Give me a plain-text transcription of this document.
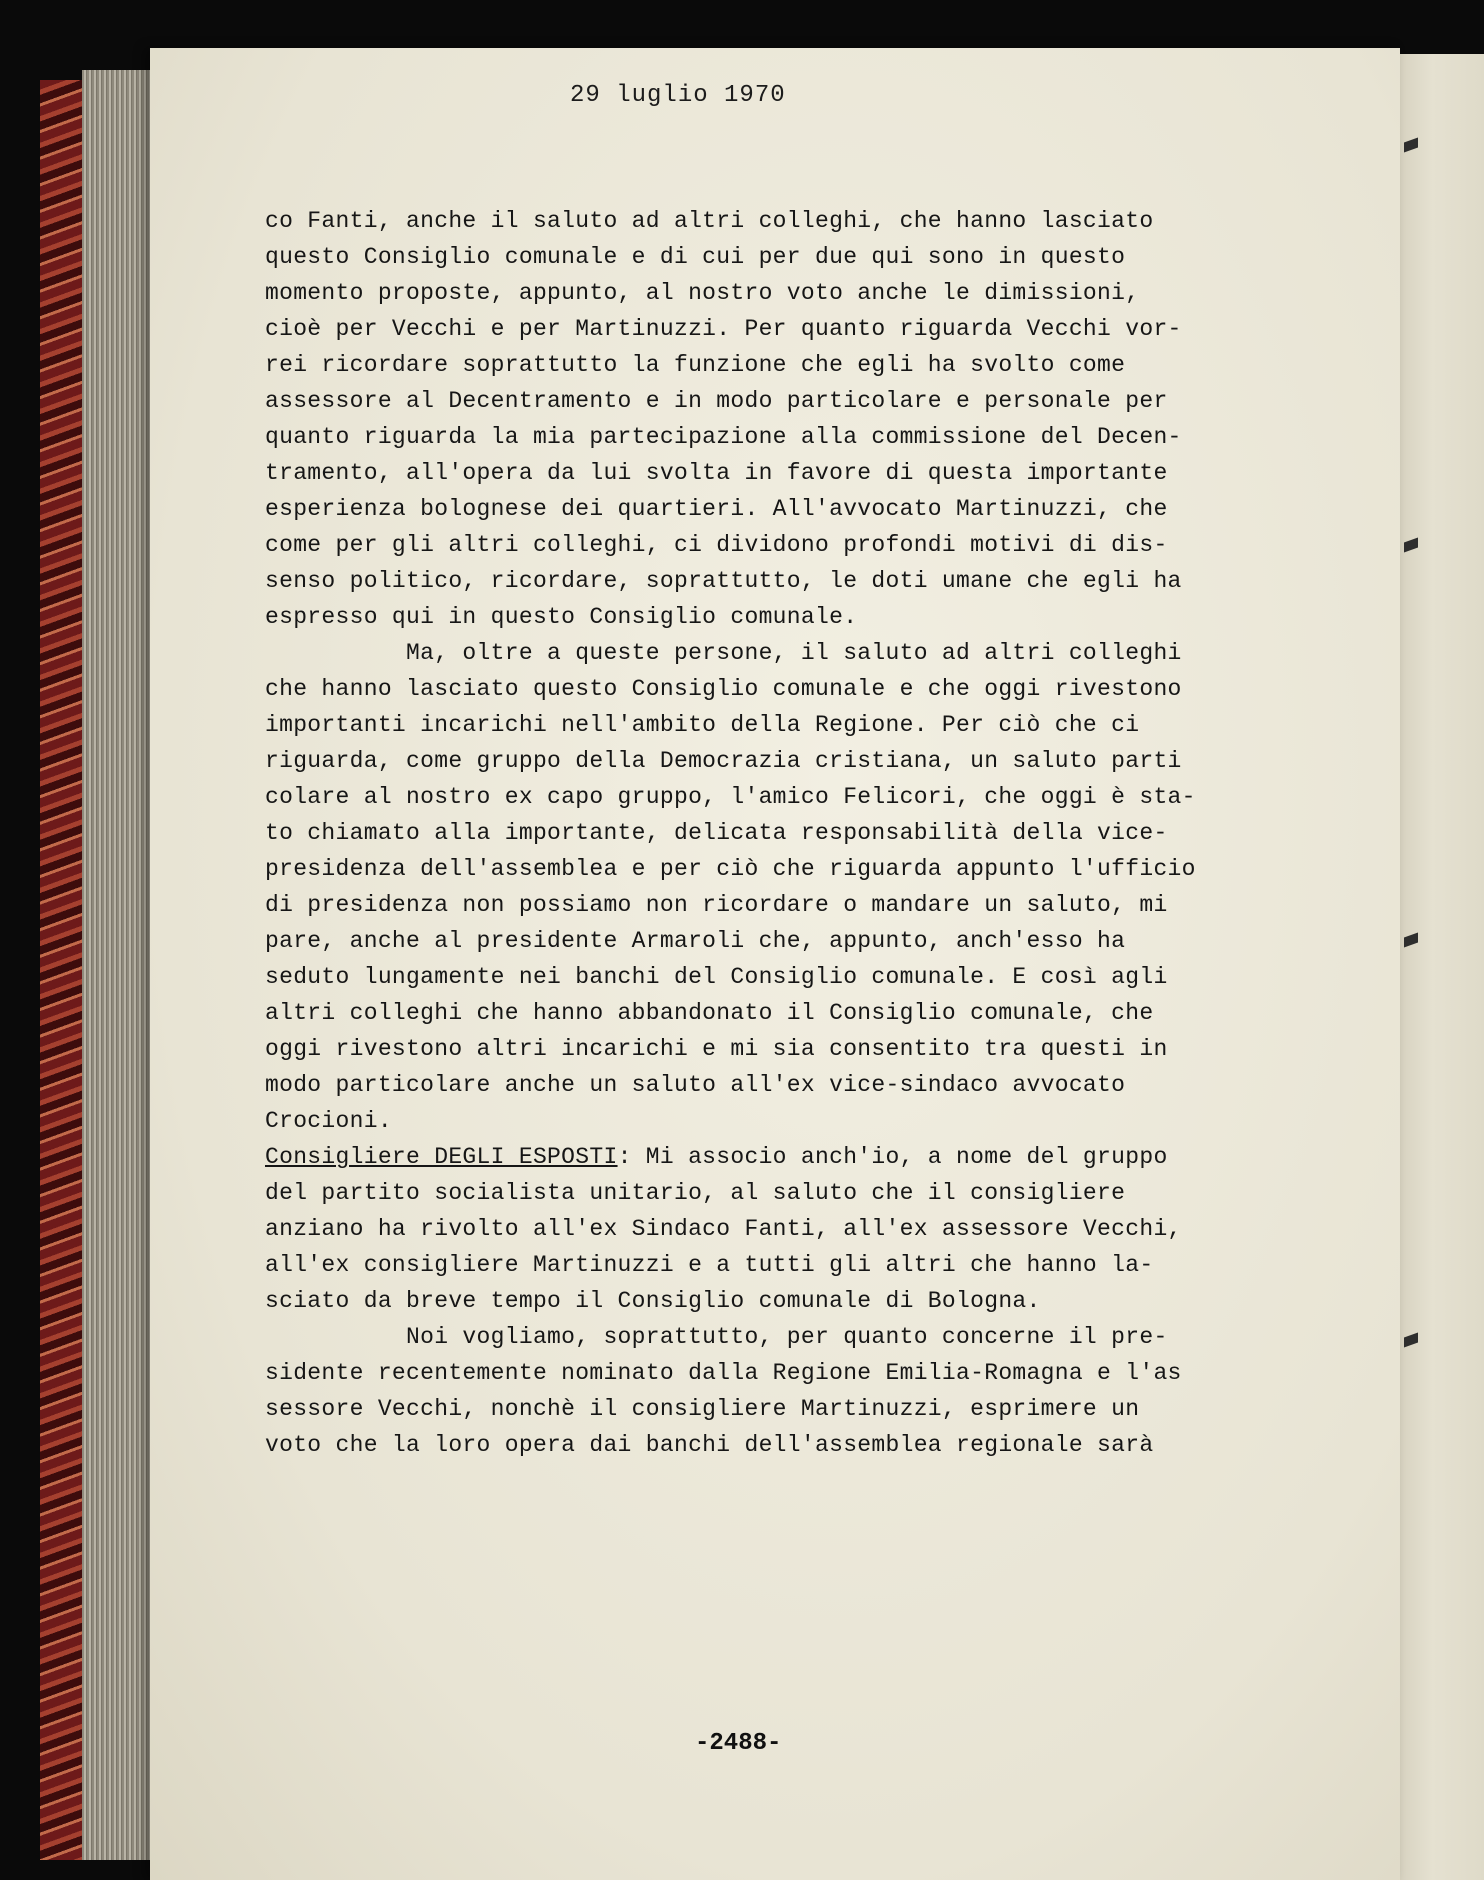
29 luglio 1970
co Fanti, anche il saluto ad altri colleghi, che hanno lasciato
questo Consiglio comunale e di cui per due qui sono in questo
momento proposte, appunto, al nostro voto anche le dimissioni,
cioè per Vecchi e per Martinuzzi. Per quanto riguarda Vecchi vor-
rei ricordare soprattutto la funzione che egli ha svolto come
assessore al Decentramento e in modo particolare e personale per
quanto riguarda la mia partecipazione alla commissione del Decen-
tramento, all'opera da lui svolta in favore di questa importante
esperienza bolognese dei quartieri. All'avvocato Martinuzzi, che
come per gli altri colleghi, ci dividono profondi motivi di dis-
senso politico, ricordare, soprattutto, le doti umane che egli ha
espresso qui in questo Consiglio comunale.
Ma, oltre a queste persone, il saluto ad altri colleghi
che hanno lasciato questo Consiglio comunale e che oggi rivestono
importanti incarichi nell'ambito della Regione. Per ciò che ci
riguarda, come gruppo della Democrazia cristiana, un saluto parti
colare al nostro ex capo gruppo, l'amico Felicori, che oggi è sta-
to chiamato alla importante, delicata responsabilità della vice-
presidenza dell'assemblea e per ciò che riguarda appunto l'ufficio
di presidenza non possiamo non ricordare o mandare un saluto, mi
pare, anche al presidente Armaroli che, appunto, anch'esso ha
seduto lungamente nei banchi del Consiglio comunale. E così agli
altri colleghi che hanno abbandonato il Consiglio comunale, che
oggi rivestono altri incarichi e mi sia consentito tra questi in
modo particolare anche un saluto all'ex vice-sindaco avvocato
Crocioni.
Consigliere DEGLI ESPOSTI: Mi associo anch'io, a nome del gruppo
del partito socialista unitario, al saluto che il consigliere
anziano ha rivolto all'ex Sindaco Fanti, all'ex assessore Vecchi,
all'ex consigliere Martinuzzi e a tutti gli altri che hanno la-
sciato da breve tempo il Consiglio comunale di Bologna.
Noi vogliamo, soprattutto, per quanto concerne il pre-
sidente recentemente nominato dalla Regione Emilia-Romagna e l'as
sessore Vecchi, nonchè il consigliere Martinuzzi, esprimere un
voto che la loro opera dai banchi dell'assemblea regionale sarà
-2488-
